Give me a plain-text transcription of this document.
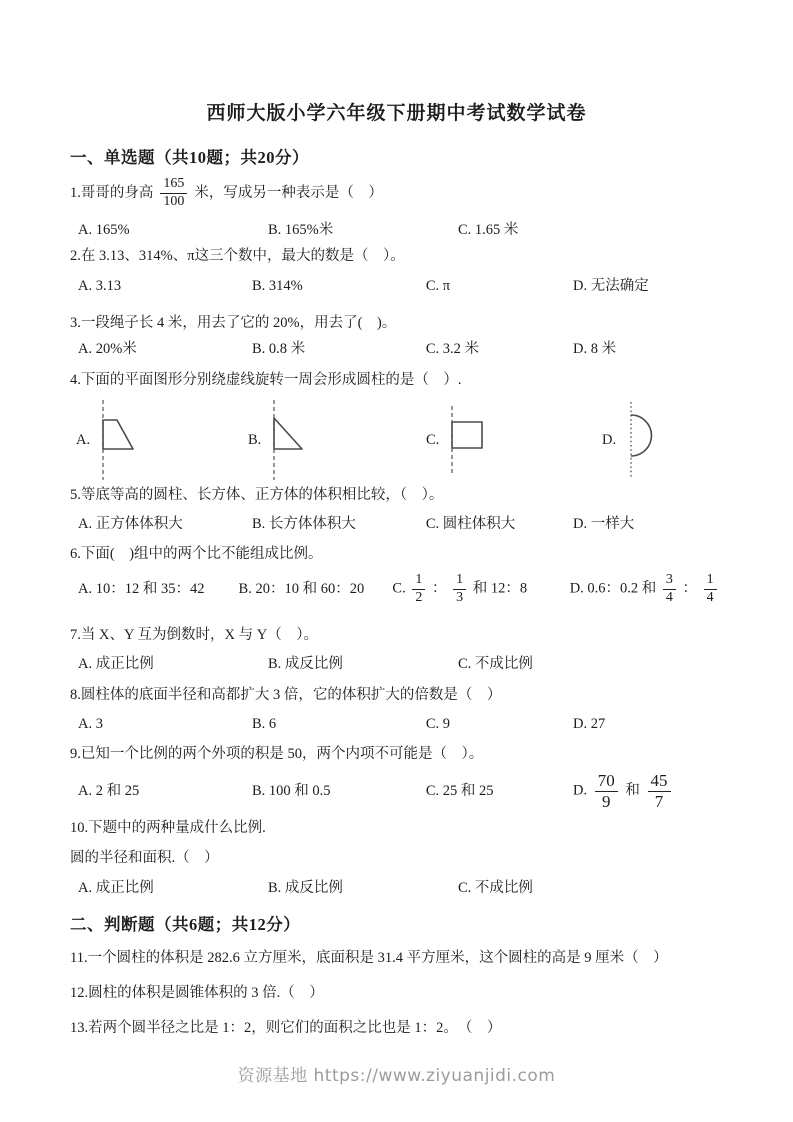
西师大版小学六年级下册期中考试数学试卷
一、单选题（共10题；共20分）
1.哥哥的身高 $\frac{165}{100}$ 米，写成另一种表示是（　）
A. 165%	B. 165%米	C. 1.65 米
2.在 3.13、314%、π这三个数中，最大的数是（　）。
A. 3.13	B. 314%	C. π	D. 无法确定
3.一段绳子长 4 米，用去了它的 20%，用去了(　)。
A. 20%米	B. 0.8 米	C. 3.2 米	D. 8 米
4.下面的平面图形分别绕虚线旋转一周会形成圆柱的是（　）.
A.	B.	C.	D.
5.等底等高的圆柱、长方体、正方体的体积相比较，（　）。
A. 正方体体积大	B. 长方体体积大	C. 圆柱体积大	D. 一样大
6.下面(　)组中的两个比不能组成比例。
A. 10：12 和 35：42	B. 20：10 和 60：20	C. $\frac{1}{2}$ ： $\frac{1}{3}$ 和 12：8	D. 0.6：0.2 和 $\frac{3}{4}$ ： $\frac{1}{4}$
7.当 X、Y 互为倒数时，X 与 Y（　）。
A. 成正比例	B. 成反比例	C. 不成比例
8.圆柱体的底面半径和高都扩大 3 倍，它的体积扩大的倍数是（　）
A. 3	B. 6	C. 9	D. 27
9.已知一个比例的两个外项的积是 50，两个内项不可能是（　）。
A. 2 和 25	B. 100 和 0.5	C. 25 和 25	D. $\frac{70}{9}$ 和 $\frac{45}{7}$
10.下题中的两种量成什么比例.
圆的半径和面积.（　）
A. 成正比例	B. 成反比例	C. 不成比例
二、判断题（共6题；共12分）
11.一个圆柱的体积是 282.6 立方厘米，底面积是 31.4 平方厘米，这个圆柱的高是 9 厘米（　）
12.圆柱的体积是圆锥体积的 3 倍.（　）
13.若两个圆半径之比是 1：2，则它们的面积之比也是 1：2。　（　）
资源基地 https://www.ziyuanjidi.com
